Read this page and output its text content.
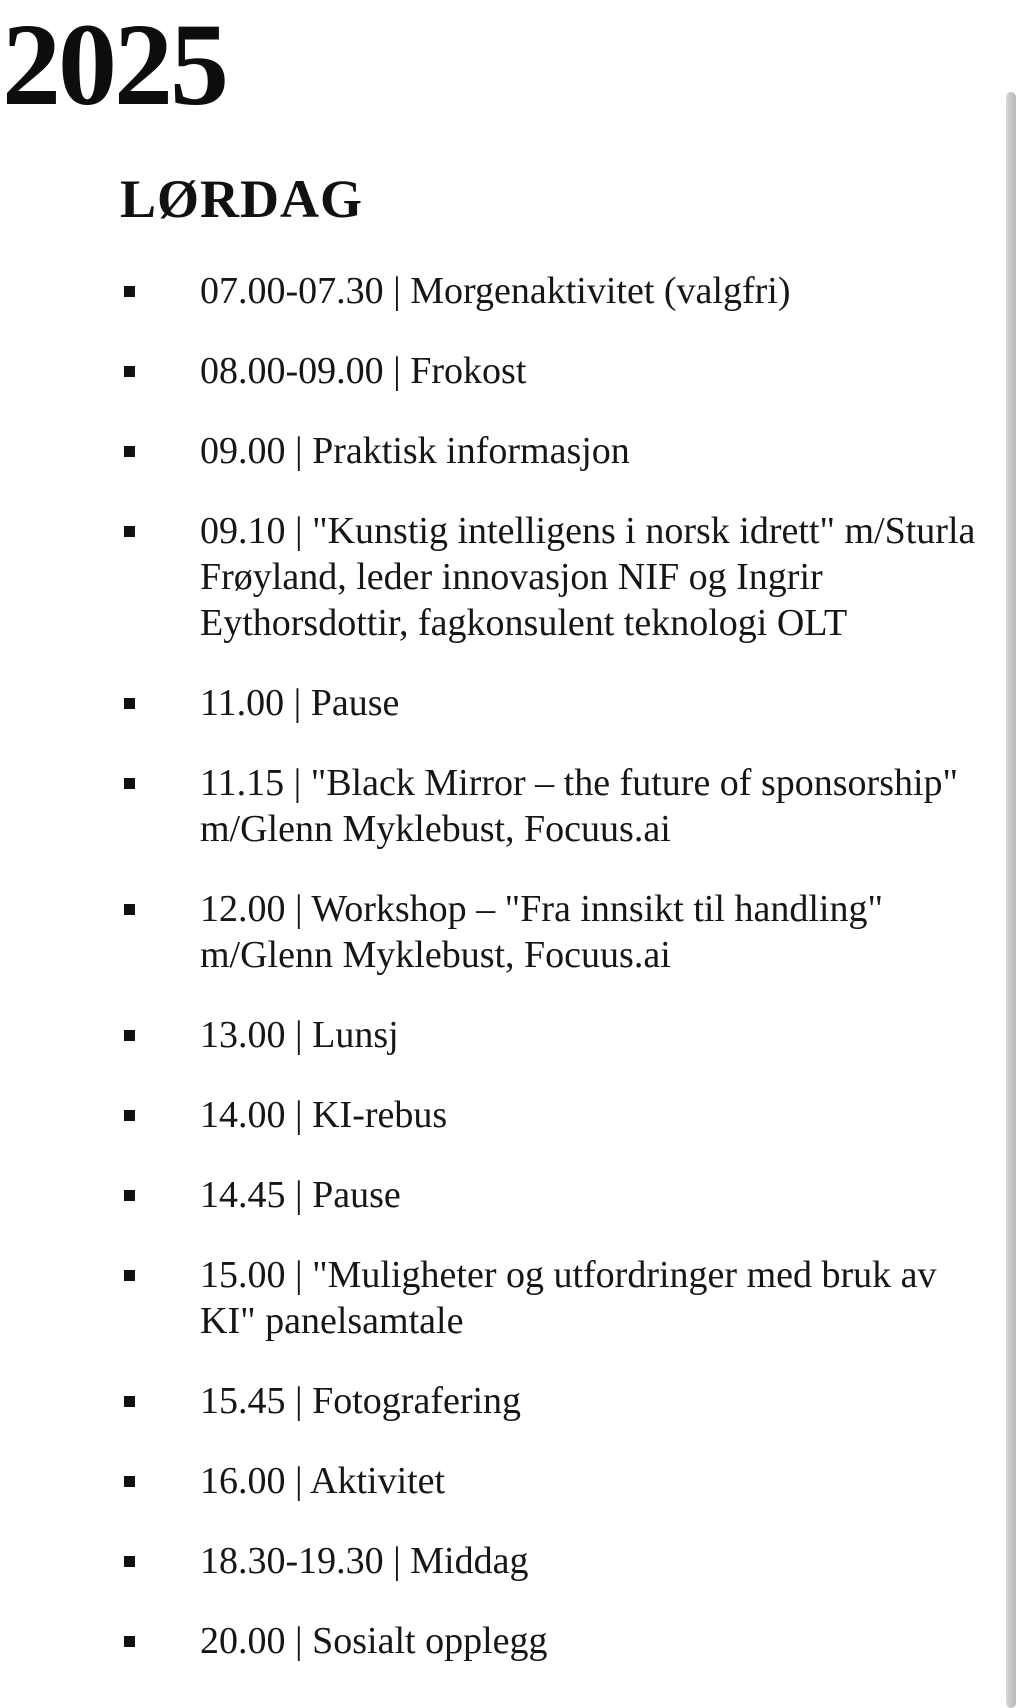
2025
LØRDAG
07.00-07.30 | Morgenaktivitet (valgfri)
08.00-09.00 | Frokost
09.00 | Praktisk informasjon
09.10 | "Kunstig intelligens i norsk idrett" m/Sturla Frøyland, leder innovasjon NIF og Ingrir Eythorsdottir, fagkonsulent teknologi OLT
11.00 | Pause
11.15 | "Black Mirror – the future of sponsorship" m/Glenn Myklebust, Focuus.ai
12.00 | Workshop – "Fra innsikt til handling" m/Glenn Myklebust, Focuus.ai
13.00 | Lunsj
14.00 | KI-rebus
14.45 | Pause
15.00 | "Muligheter og utfordringer med bruk av KI" panelsamtale
15.45 | Fotografering
16.00 | Aktivitet
18.30-19.30 | Middag
20.00 | Sosialt opplegg
